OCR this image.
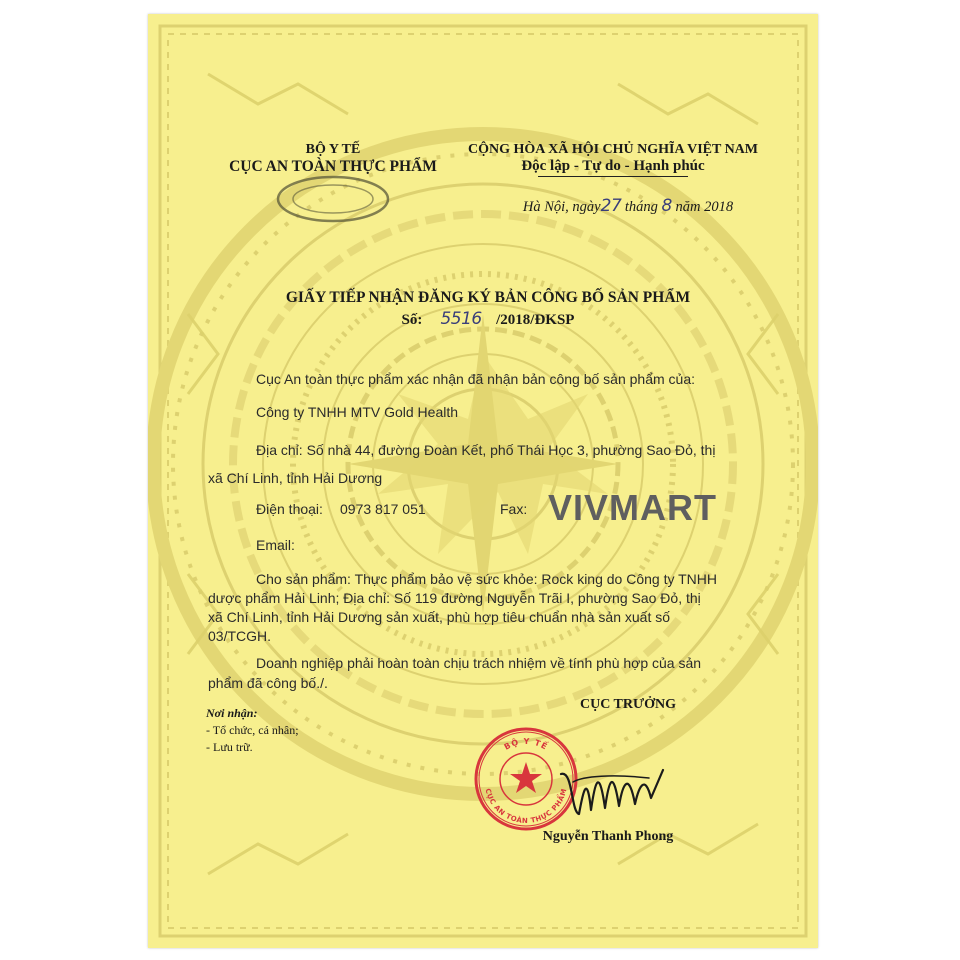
BỘ Y TẾ
CỤC AN TOÀN THỰC PHẨM
CỘNG HÒA XÃ HỘI CHỦ NGHĨA VIỆT NAM
Độc lập - Tự do - Hạnh phúc
Hà Nội, ngày27 tháng 8 năm 2018
GIẤY TIẾP NHẬN ĐĂNG KÝ BẢN CÔNG BỐ SẢN PHẨM
Số: 5516 /2018/ĐKSP
Cục An toàn thực phẩm xác nhận đã nhận bản công bố sản phẩm của:
Công ty TNHH MTV Gold Health
Địa chỉ: Số nhà 44, đường Đoàn Kết, phố Thái Học 3, phường Sao Đỏ, thị
xã Chí Linh, tỉnh Hải Dương
Điện thoại: 0973 817 051	Fax: VIVMART
Email:
Cho sản phẩm: Thực phẩm bảo vệ sức khỏe: Rock king do Công ty TNHH
dược phẩm Hải Linh; Địa chỉ: Số 119 đường Nguyễn Trãi I, phường Sao Đỏ, thị
xã Chí Linh, tỉnh Hải Dương sản xuất, phù hợp tiêu chuẩn nhà sản xuất số
03/TCGH.
Doanh nghiệp phải hoàn toàn chịu trách nhiệm về tính phù hợp của sản
phẩm đã công bố./.
CỤC TRƯỞNG
Nơi nhận:
- Tổ chức, cá nhân;
- Lưu trữ.	BỘ Y TẾ
CỤC AN TOÀN THỰC PHẨM
Nguyễn Thanh Phong
